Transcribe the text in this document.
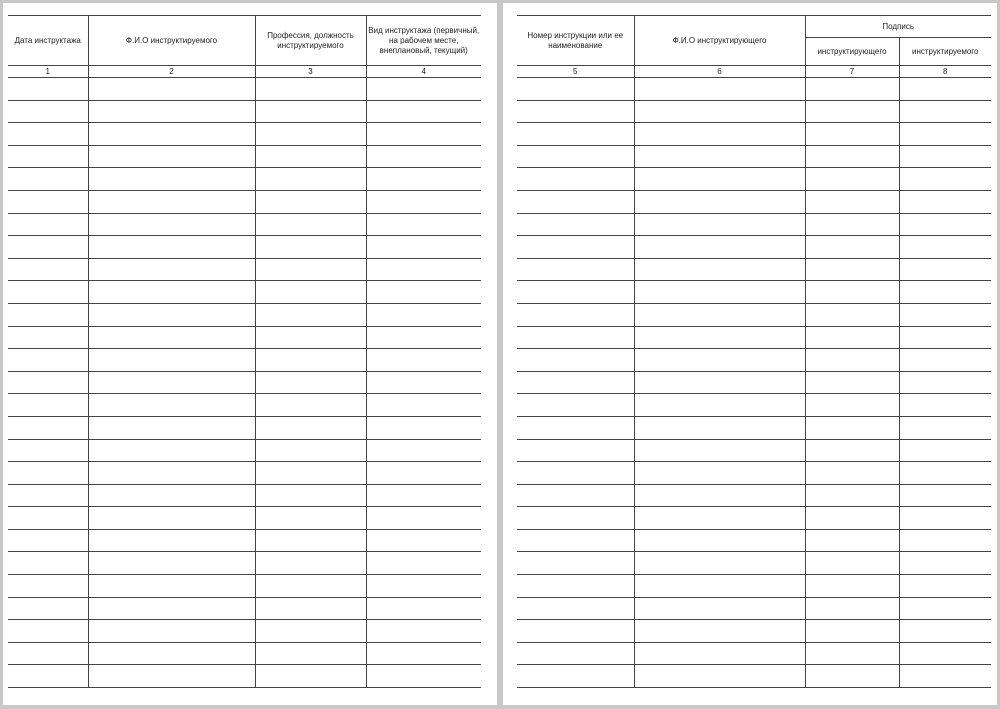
Дата инструктажа	Ф.И.О инструктируемого	Профессия, должность инструктируемого	Вид инструктажа (первичный, на рабочем месте, внеплановый, текущий)
1	2	3	4

Номер инструкции или ее наименование	Ф.И.О инструктирующего	Подпись	
		инструктирующего	инструктируемого
5	6	7	8
